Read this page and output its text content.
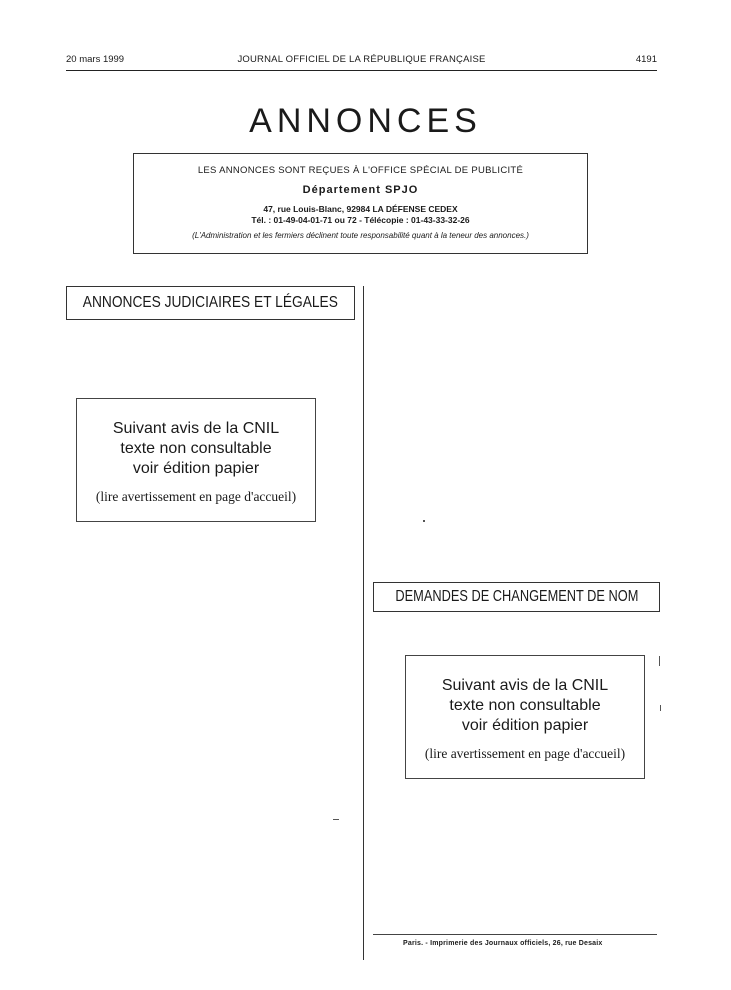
20 mars 1999	JOURNAL OFFICIEL DE LA RÉPUBLIQUE FRANÇAISE	4191
ANNONCES
LES ANNONCES SONT REÇUES À L'OFFICE SPÉCIAL DE PUBLICITÉ
Département SPJO
47, rue Louis-Blanc, 92984 LA DÉFENSE CEDEX
Tél. : 01-49-04-01-71 ou 72 - Télécopie : 01-43-33-32-26
(L'Administration et les fermiers déclinent toute responsabilité quant à la teneur des annonces.)
ANNONCES JUDICIAIRES ET LÉGALES
Suivant avis de la CNIL
texte non consultable
voir édition papier
(lire avertissement en page d'accueil)
DEMANDES DE CHANGEMENT DE NOM
Suivant avis de la CNIL
texte non consultable
voir édition papier
(lire avertissement en page d'accueil)
Paris. - Imprimerie des Journaux officiels, 26, rue Desaix
